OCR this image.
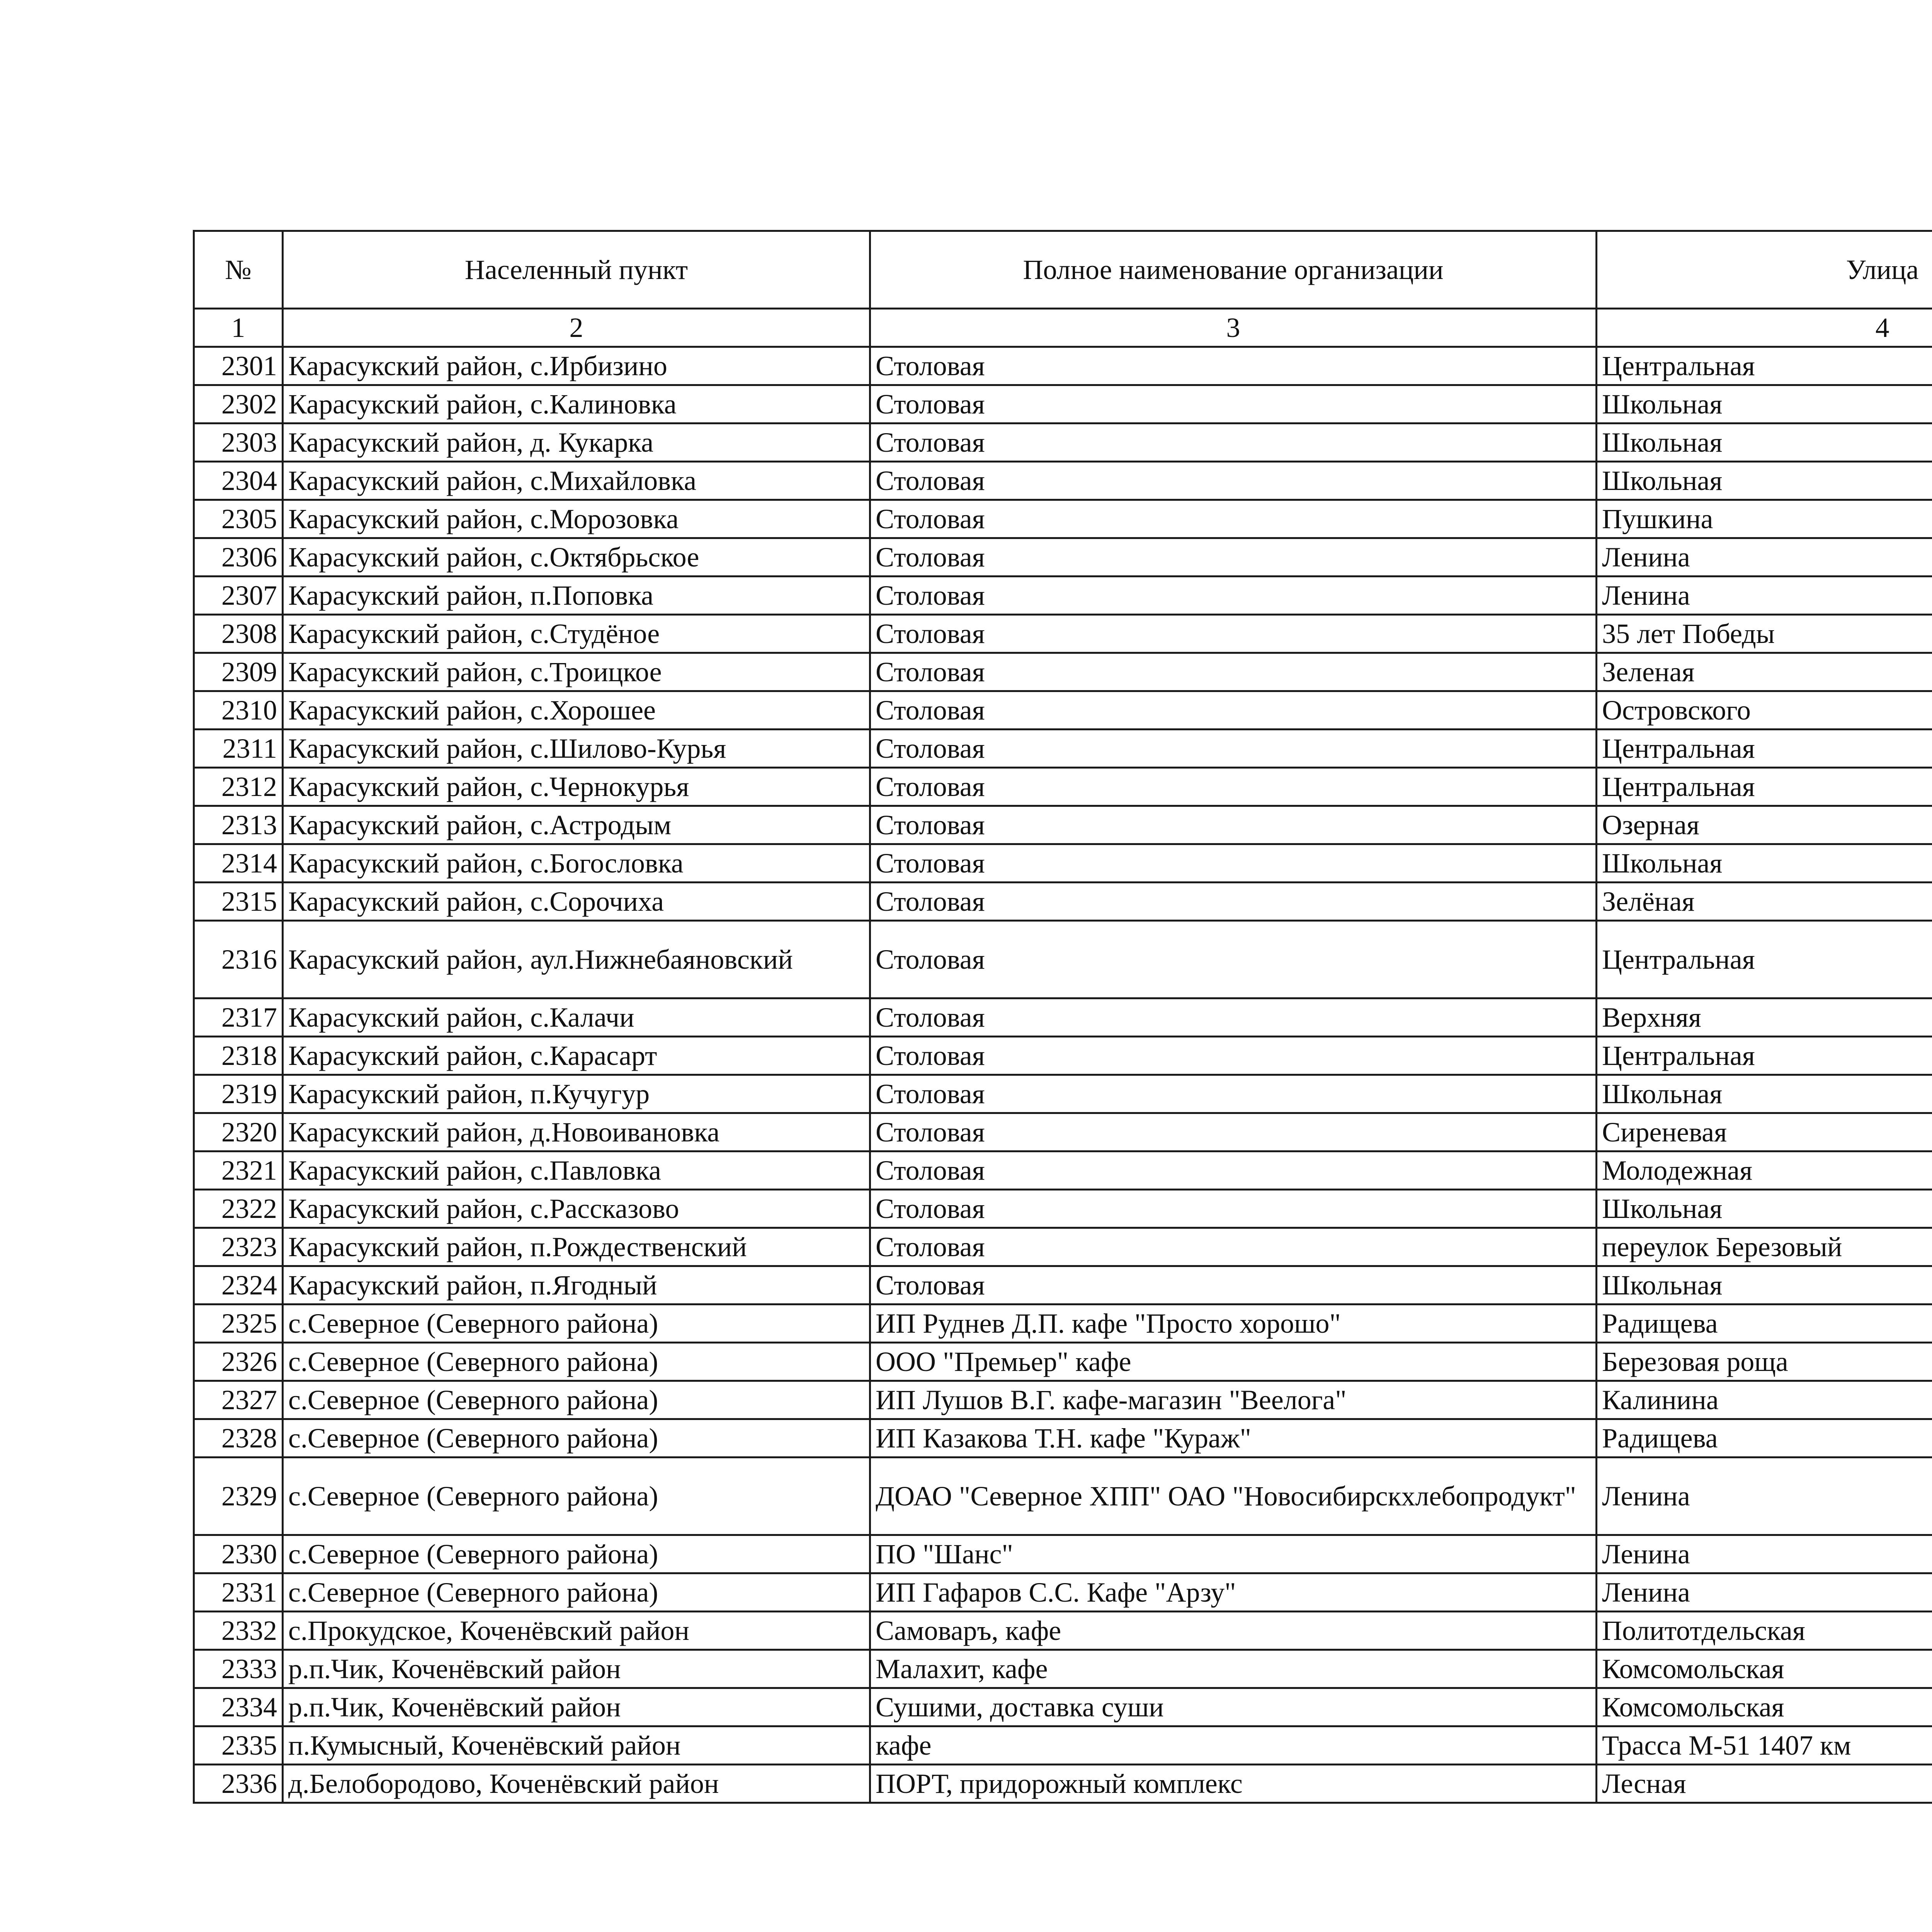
№	Населенный пункт	Полное наименование организации	Улица	
1	2	3	4	
2301	Карасукский район, с.Ирбизино	Столовая	Центральная	
2302	Карасукский район, с.Калиновка	Столовая	Школьная	
2303	Карасукский район, д. Кукарка	Столовая	Школьная	
2304	Карасукский район, с.Михайловка	Столовая	Школьная	
2305	Карасукский район, с.Морозовка	Столовая	Пушкина	
2306	Карасукский район, с.Октябрьское	Столовая	Ленина	
2307	Карасукский район, п.Поповка	Столовая	Ленина	
2308	Карасукский район, с.Студёное	Столовая	35 лет Победы	
2309	Карасукский район, с.Троицкое	Столовая	Зеленая	
2310	Карасукский район, с.Хорошее	Столовая	Островского	
2311	Карасукский район, с.Шилово-Курья	Столовая	Центральная	
2312	Карасукский район, с.Чернокурья	Столовая	Центральная	
2313	Карасукский район, с.Астродым	Столовая	Озерная	
2314	Карасукский район, с.Богословка	Столовая	Школьная	
2315	Карасукский район, с.Сорочиха	Столовая	Зелёная	
2316	Карасукский район, аул.Нижнебаяновский	Столовая	Центральная	
2317	Карасукский район, с.Калачи	Столовая	Верхняя	
2318	Карасукский район, с.Карасарт	Столовая	Центральная	
2319	Карасукский район, п.Кучугур	Столовая	Школьная	
2320	Карасукский район, д.Новоивановка	Столовая	Сиреневая	
2321	Карасукский район, с.Павловка	Столовая	Молодежная	
2322	Карасукский район, с.Рассказово	Столовая	Школьная	
2323	Карасукский район, п.Рождественский	Столовая	переулок Березовый	
2324	Карасукский район, п.Ягодный	Столовая	Школьная	
2325	с.Северное (Северного района)	ИП Руднев Д.П. кафе "Просто хорошо"	Радищева	
2326	с.Северное (Северного района)	ООО "Премьер" кафе	Березовая роща	
2327	с.Северное (Северного района)	ИП Лушов В.Г. кафе-магазин "Веелога"	Калинина	
2328	с.Северное (Северного района)	ИП Казакова Т.Н. кафе "Кураж"	Радищева	
2329	с.Северное (Северного района)	ДОАО "Северное ХПП" ОАО "Новосибирскхлебопродукт"	Ленина	
2330	с.Северное (Северного района)	ПО "Шанс"	Ленина	
2331	с.Северное (Северного района)	ИП Гафаров С.С. Кафе "Арзу"	Ленина	
2332	с.Прокудское, Коченёвский район	Самоваръ, кафе	Политотдельская	
2333	р.п.Чик, Коченёвский район	Малахит, кафе	Комсомольская	
2334	р.п.Чик, Коченёвский район	Сушими, доставка суши	Комсомольская	
2335	п.Кумысный, Коченёвский район	кафе	Трасса М-51 1407 км	
2336	д.Белобородово, Коченёвский район	ПОРТ, придорожный комплекс	Лесная	
